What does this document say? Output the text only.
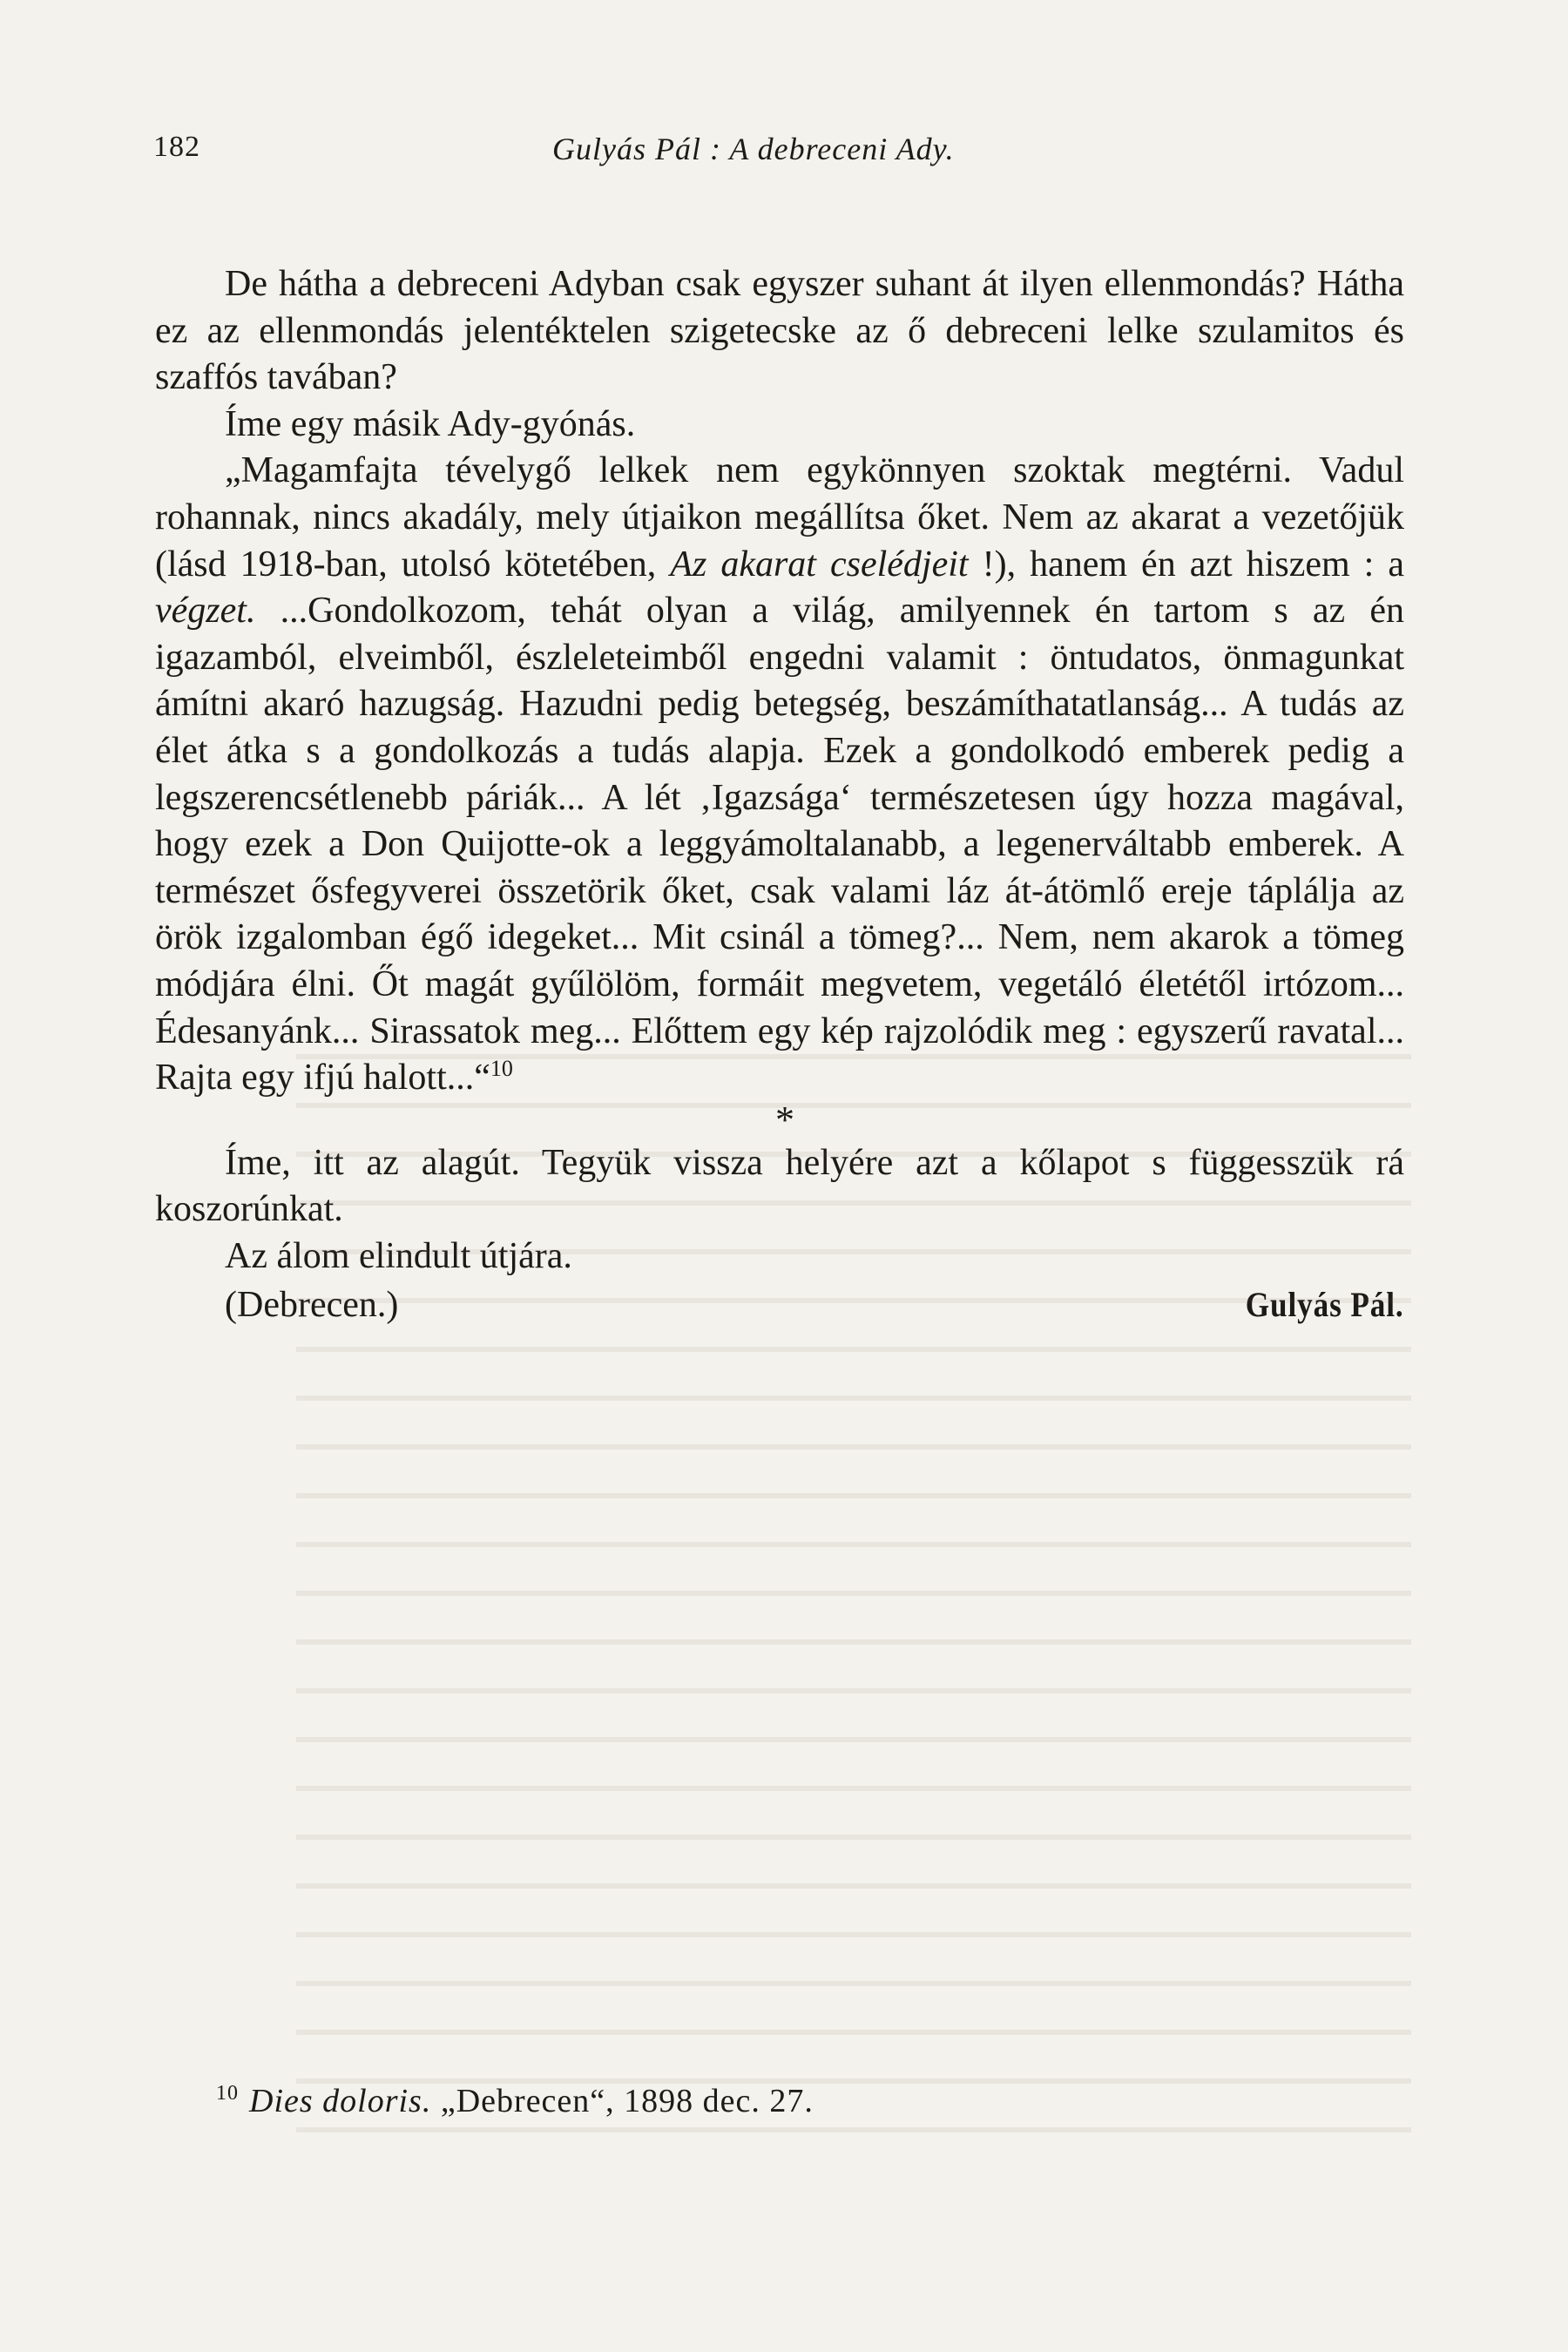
182	Gulyás Pál : A debreceni Ady.

De hátha a debreceni Adyban csak egyszer suhant át ilyen ellenmondás? Hátha ez az ellenmondás jelentéktelen szigetecske az ő debreceni lelke szulamitos és szaffós tavában?

Íme egy másik Ady-gyónás.

„Magamfajta tévelygő lelkek nem egykönnyen szoktak megtérni. Vadul rohannak, nincs akadály, mely útjaikon megállítsa őket. Nem az akarat a vezetőjük (lásd 1918-ban, utolsó kötetében, Az akarat cselédjeit !), hanem én azt hiszem : a végzet. ...Gondolkozom, tehát olyan a világ, amilyennek én tartom s az én igazamból, elveimből, észleleteimből engedni valamit : öntudatos, önmagunkat ámítni akaró hazugság. Hazudni pedig betegség, beszámíthatatlanság... A tudás az élet átka s a gondolkozás a tudás alapja. Ezek a gondolkodó emberek pedig a legszerencsétlenebb páriák... A lét ‚Igazsága‘ természetesen úgy hozza magával, hogy ezek a Don Quijotte-ok a leggyámoltalanabb, a legenerváltabb emberek. A természet ősfegyverei összetörik őket, csak valami láz át-átömlő ereje táplálja az örök izgalomban égő idegeket... Mit csinál a tömeg?... Nem, nem akarok a tömeg módjára élni. Őt magát gyűlölöm, formáit megvetem, vegetáló életétől irtózom... Édesanyánk... Sirassatok meg... Előttem egy kép rajzolódik meg : egyszerű ravatal... Rajta egy ifjú halott...“$^{10}$

*

Íme, itt az alagút. Tegyük vissza helyére azt a kőlapot s függesszük rá koszorúnkat.

Az álom elindult útjára.

(Debrecen.)	Gulyás Pál.

$^{10}$ Dies doloris. „Debrecen“, 1898 dec. 27.
